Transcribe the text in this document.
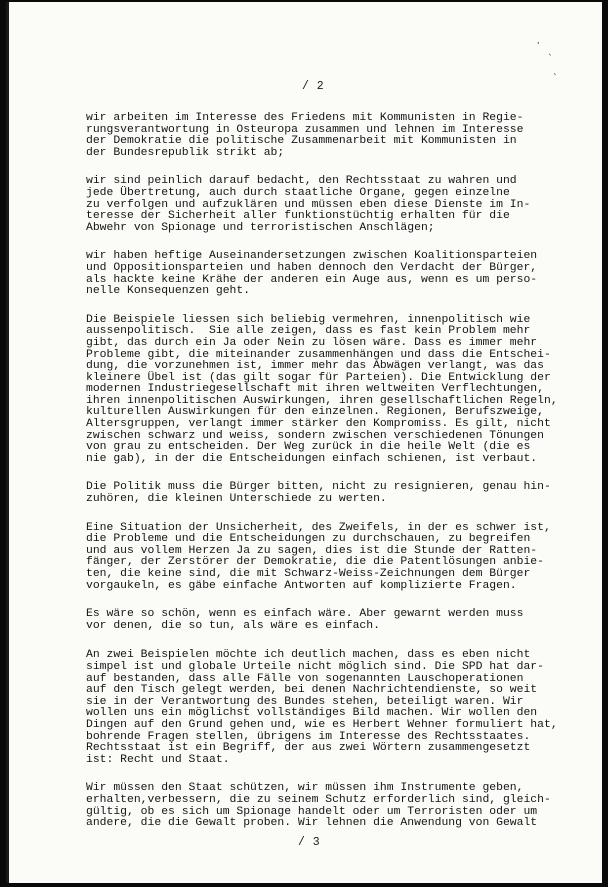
ʹ
`
ˎ
/ 2
wir arbeiten im Interesse des Friedens mit Kommunisten in Regie-
rungsverantwortung in Osteuropa zusammen und lehnen im Interesse
der Demokratie die politische Zusammenarbeit mit Kommunisten in
der Bundesrepublik strikt ab;
wir sind peinlich darauf bedacht, den Rechtsstaat zu wahren und
jede Übertretung, auch durch staatliche Organe, gegen einzelne
zu verfolgen und aufzuklären und müssen eben diese Dienste im In-
teresse der Sicherheit aller funktionstüchtig erhalten für die
Abwehr von Spionage und terroristischen Anschlägen;
wir haben heftige Auseinandersetzungen zwischen Koalitionsparteien
und Oppositionsparteien und haben dennoch den Verdacht der Bürger,
als hackte keine Krähe der anderen ein Auge aus, wenn es um perso-
nelle Konsequenzen geht.
Die Beispiele liessen sich beliebig vermehren, innenpolitisch wie
aussenpolitisch.  Sie alle zeigen, dass es fast kein Problem mehr
gibt, das durch ein Ja oder Nein zu lösen wäre. Dass es immer mehr
Probleme gibt, die miteinander zusammenhängen und dass die Entschei-
dung, die vorzunehmen ist, immer mehr das Abwägen verlangt, was das
kleinere Übel ist (das gilt sogar für Parteien). Die Entwicklung der
modernen Industriegesellschaft mit ihren weltweiten Verflechtungen,
ihren innenpolitischen Auswirkungen, ihren gesellschaftlichen Regeln,
kulturellen Auswirkungen für den einzelnen. Regionen, Berufszweige,
Altersgruppen, verlangt immer stärker den Kompromiss. Es gilt, nicht
zwischen schwarz und weiss, sondern zwischen verschiedenen Tönungen
von grau zu entscheiden. Der Weg zurück in die heile Welt (die es
nie gab), in der die Entscheidungen einfach schienen, ist verbaut.
Die Politik muss die Bürger bitten, nicht zu resignieren, genau hin-
zuhören, die kleinen Unterschiede zu werten.
Eine Situation der Unsicherheit, des Zweifels, in der es schwer ist,
die Probleme und die Entscheidungen zu durchschauen, zu begreifen
und aus vollem Herzen Ja zu sagen, dies ist die Stunde der Ratten-
fänger, der Zerstörer der Demokratie, die die Patentlösungen anbie-
ten, die keine sind, die mit Schwarz-Weiss-Zeichnungen dem Bürger
vorgaukeln, es gäbe einfache Antworten auf komplizierte Fragen.
Es wäre so schön, wenn es einfach wäre. Aber gewarnt werden muss
vor denen, die so tun, als wäre es einfach.
An zwei Beispielen möchte ich deutlich machen, dass es eben nicht
simpel ist und globale Urteile nicht möglich sind. Die SPD hat dar-
auf bestanden, dass alle Fälle von sogenannten Lauschoperationen
auf den Tisch gelegt werden, bei denen Nachrichtendienste, so weit
sie in der Verantwortung des Bundes stehen, beteiligt waren. Wir
wollen uns ein möglichst vollständiges Bild machen. Wir wollen den
Dingen auf den Grund gehen und, wie es Herbert Wehner formuliert hat,
bohrende Fragen stellen, übrigens im Interesse des Rechtsstaates.
Rechtsstaat ist ein Begriff, der aus zwei Wörtern zusammengesetzt
ist: Recht und Staat.
Wir müssen den Staat schützen, wir müssen ihm Instrumente geben,
erhalten,verbessern, die zu seinem Schutz erforderlich sind, gleich-
gültig, ob es sich um Spionage handelt oder um Terroristen oder um
andere, die die Gewalt proben. Wir lehnen die Anwendung von Gewalt
/ 3
